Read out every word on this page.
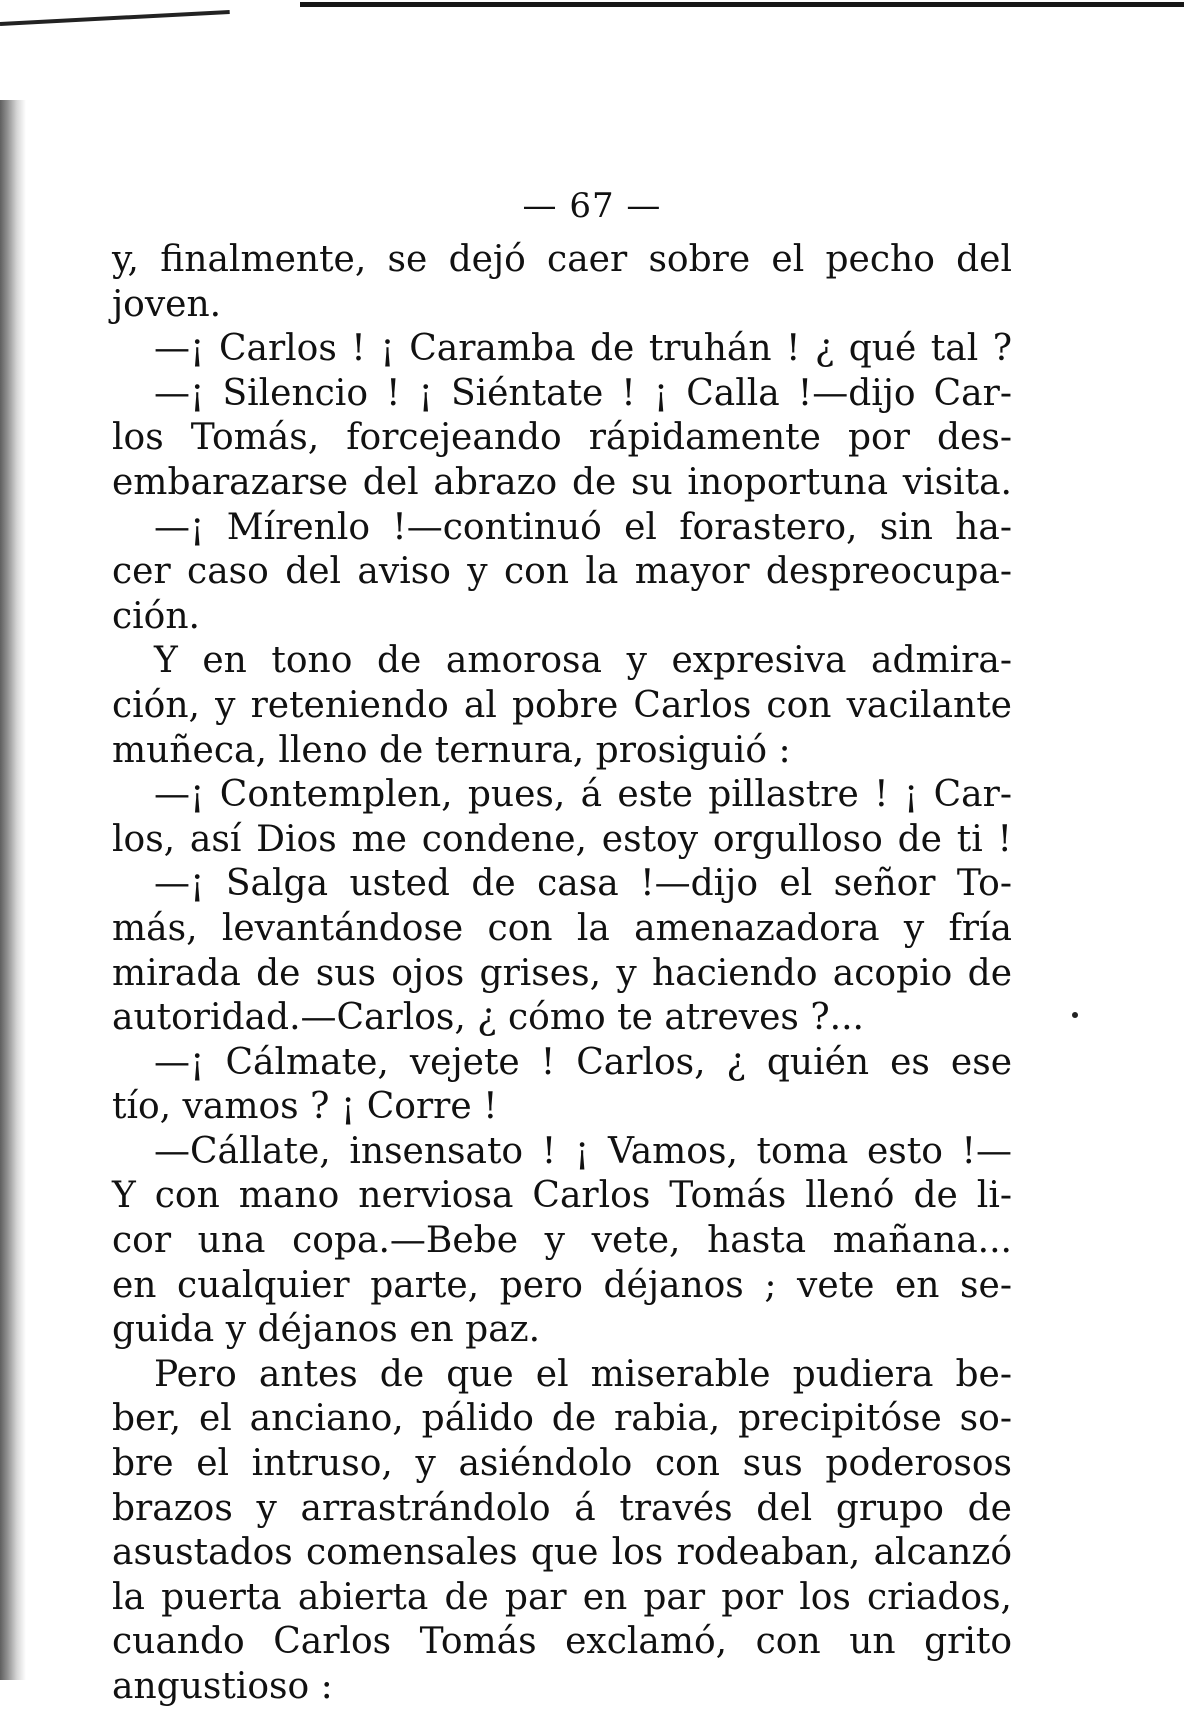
— 67 —
y, finalmente, se dejó caer sobre el pecho del
joven.
—¡ Carlos ! ¡ Caramba de truhán ! ¿ qué tal ?
—¡ Silencio ! ¡ Siéntate ! ¡ Calla !—dijo Car-
los Tomás, forcejeando rápidamente por des-
embarazarse del abrazo de su inoportuna visita.
—¡ Mírenlo !—continuó el forastero, sin ha-
cer caso del aviso y con la mayor despreocupa-
ción.
Y en tono de amorosa y expresiva admira-
ción, y reteniendo al pobre Carlos con vacilante
muñeca, lleno de ternura, prosiguió :
—¡ Contemplen, pues, á este pillastre ! ¡ Car-
los, así Dios me condene, estoy orgulloso de ti !
—¡ Salga usted de casa !—dijo el señor To-
más, levantándose con la amenazadora y fría
mirada de sus ojos grises, y haciendo acopio de
autoridad.—Carlos, ¿ cómo te atreves ?...
—¡ Cálmate, vejete ! Carlos, ¿ quién es ese
tío, vamos ? ¡ Corre !
—Cállate, insensato ! ¡ Vamos, toma esto !—
Y con mano nerviosa Carlos Tomás llenó de li-
cor una copa.—Bebe y vete, hasta mañana...
en cualquier parte, pero déjanos ; vete en se-
guida y déjanos en paz.
Pero antes de que el miserable pudiera be-
ber, el anciano, pálido de rabia, precipitóse so-
bre el intruso, y asiéndolo con sus poderosos
brazos y arrastrándolo á través del grupo de
asustados comensales que los rodeaban, alcanzó
la puerta abierta de par en par por los criados,
cuando Carlos Tomás exclamó, con un grito
angustioso :
